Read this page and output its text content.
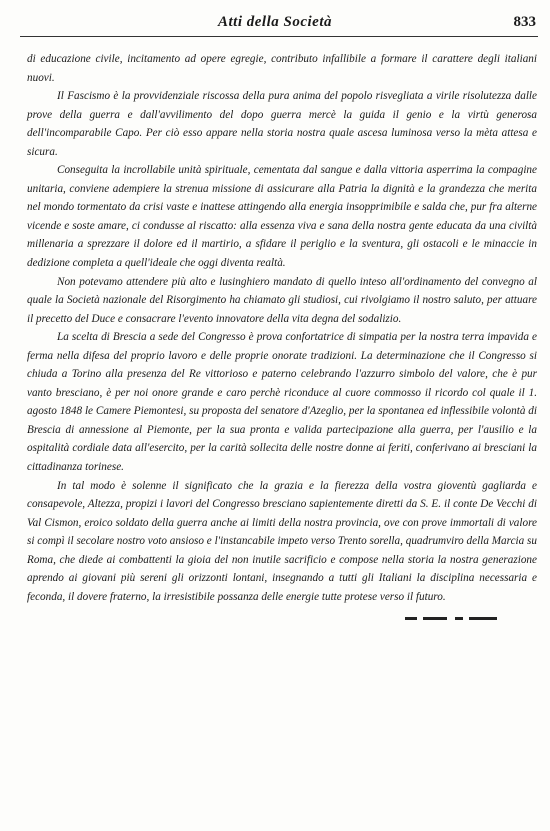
Atti della Società	833

di educazione civile, incitamento ad opere egregie, contributo infallibile a formare il carattere degli italiani nuovi.

Il Fascismo è la provvidenziale riscossa della pura anima del popolo risvegliata a virile risolutezza dalle prove della guerra e dall'avvilimento del dopo guerra mercè la guida il genio e la virtù generosa dell'incomparabile Capo. Per ciò esso appare nella storia nostra quale ascesa luminosa verso la mèta attesa e sicura.

Conseguita la incrollabile unità spirituale, cementata dal sangue e dalla vittoria asperrima la compagine unitaria, conviene adempiere la strenua missione di assicurare alla Patria la dignità e la grandezza che merita nel mondo tormentato da crisi vaste e inattese attingendo alla energia insopprimibile e salda che, pur fra alterne vicende e soste amare, ci condusse al riscatto: alla essenza viva e sana della nostra gente educata da una civiltà millenaria a sprezzare il dolore ed il martirio, a sfidare il periglio e la sventura, gli ostacoli e le minaccie in dedizione completa a quell'ideale che oggi diventa realtà.

Non potevamo attendere più alto e lusinghiero mandato di quello inteso all'ordinamento del convegno al quale la Società nazionale del Risorgimento ha chiamato gli studiosi, cui rivolgiamo il nostro saluto, per attuare il precetto del Duce e consacrare l'evento innovatore della vita degna del sodalizio.

La scelta di Brescia a sede del Congresso è prova confortatrice di simpatia per la nostra terra impavida e ferma nella difesa del proprio lavoro e delle proprie onorate tradizioni. La determinazione che il Congresso si chiuda a Torino alla presenza del Re vittorioso e paterno celebrando l'azzurro simbolo del valore, che è pur vanto bresciano, è per noi onore grande e caro perchè riconduce al cuore commosso il ricordo col quale il 1. agosto 1848 le Camere Piemontesi, su proposta del senatore d'Azeglio, per la spontanea ed inflessibile volontà di Brescia di annessione al Piemonte, per la sua pronta e valida partecipazione alla guerra, per l'ausilio e la ospitalità cordiale data all'esercito, per la carità sollecita delle nostre donne ai feriti, conferivano ai bresciani la cittadinanza torinese.

In tal modo è solenne il significato che la grazia e la fierezza della vostra gioventù gagliarda e consapevole, Altezza, propizi i lavori del Congresso bresciano sapientemente diretti da S. E. il conte De Vecchi di Val Cismon, eroico soldato della guerra anche ai limiti della nostra provincia, ove con prove immortali di valore si compì il secolare nostro voto ansioso e l'instancabile impeto verso Trento sorella, quadrumviro della Marcia su Roma, che diede ai combattenti la gioia del non inutile sacrificio e compose nella storia la nostra generazione aprendo ai giovani più sereni gli orizzonti lontani, insegnando a tutti gli Italiani la disciplina necessaria e feconda, il dovere fraterno, la irresistibile possanza delle energie tutte protese verso il futuro.
